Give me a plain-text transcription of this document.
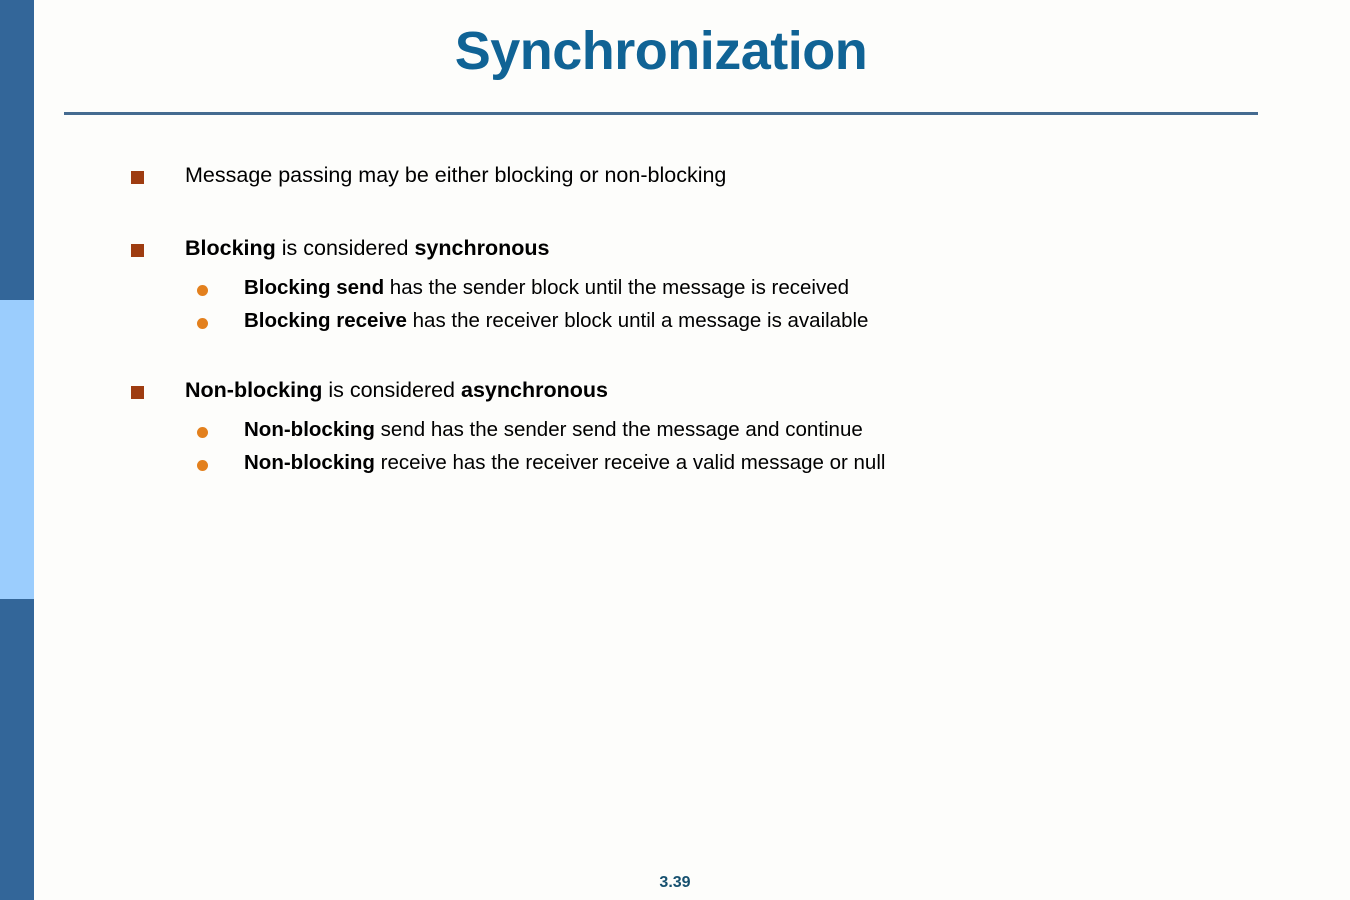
Synchronization
Message passing may be either blocking or non-blocking
Blocking is considered synchronous
Blocking send has the sender block until the message is received
Blocking receive has the receiver block until a message is available
Non-blocking is considered asynchronous
Non-blocking send has the sender send the message and continue
Non-blocking receive has the receiver receive a valid message or null
3.39
